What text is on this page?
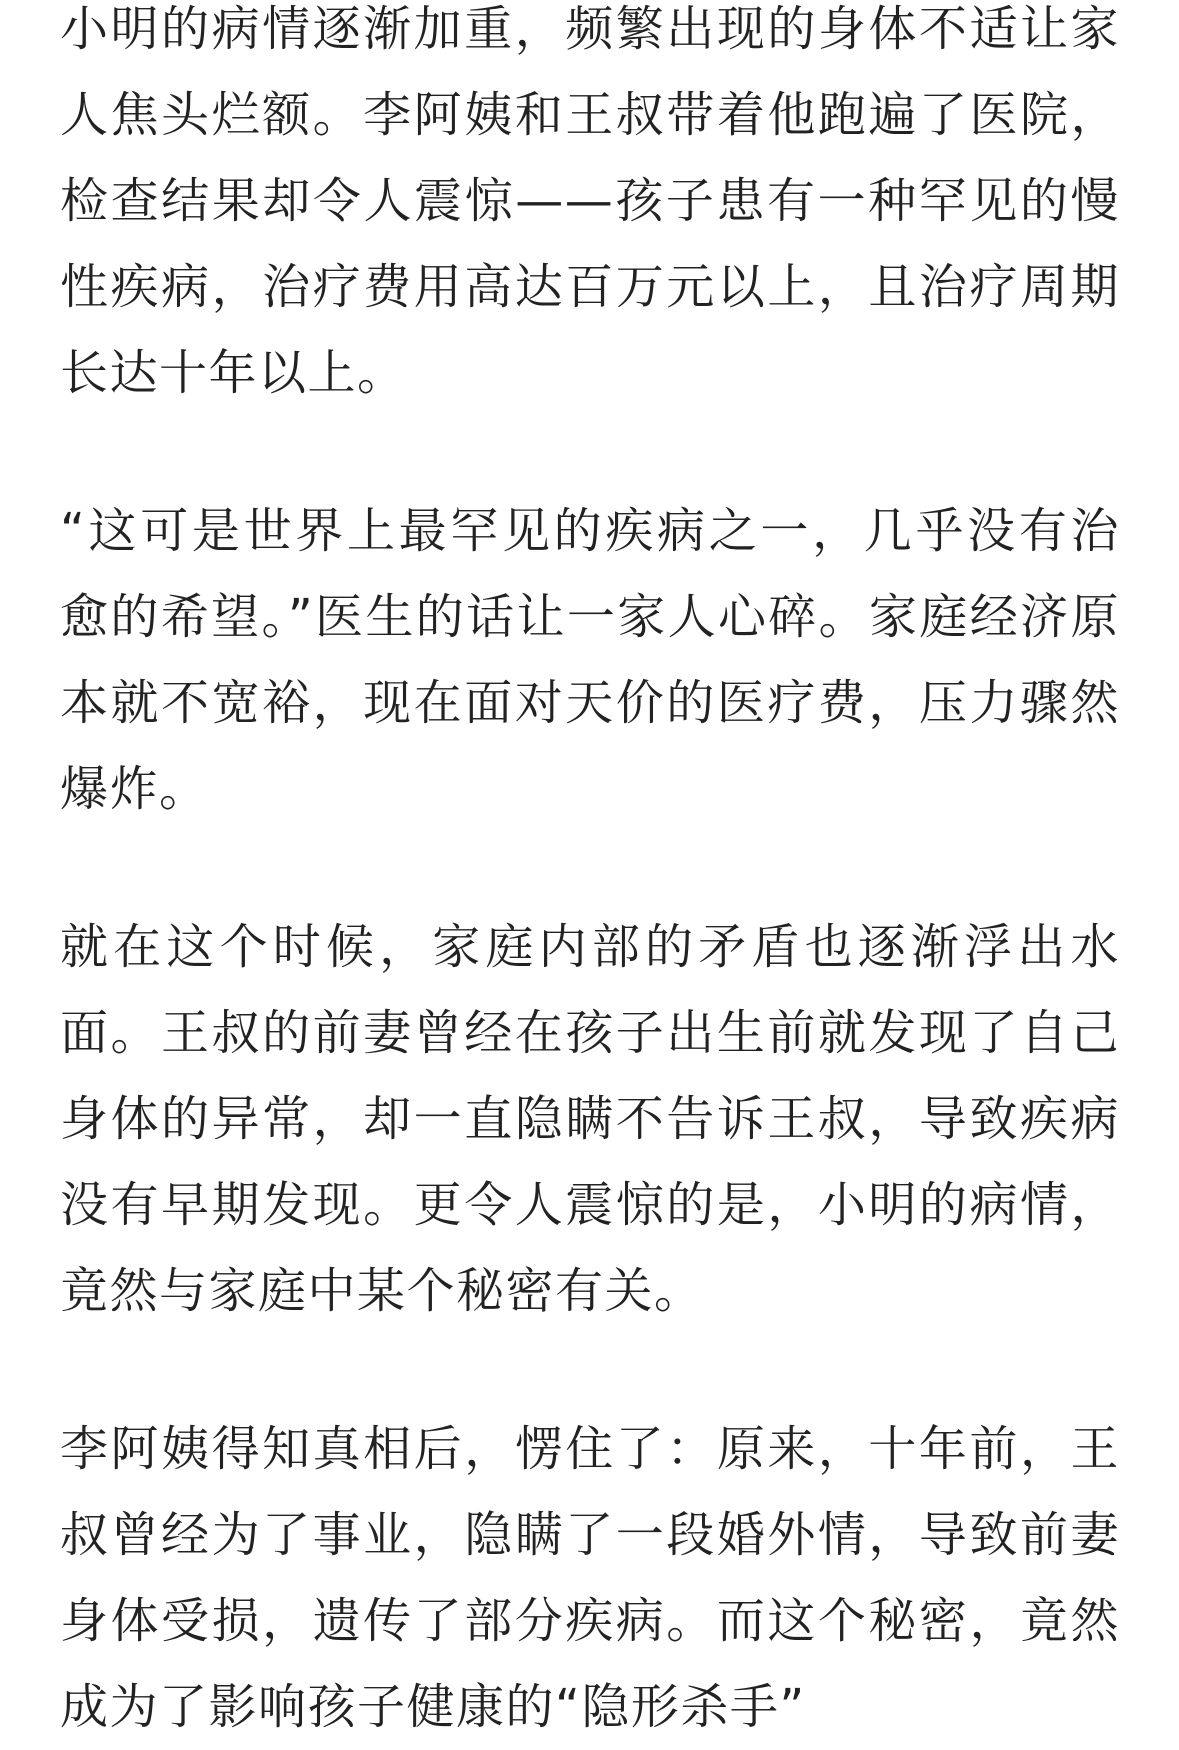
小明的病情逐渐加重，频繁出现的身体不适让家人焦头烂额。李阿姨和王叔带着他跑遍了医院，检查结果却令人震惊——孩子患有一种罕见的慢性疾病，治疗费用高达百万元以上，且治疗周期长达十年以上。

“这可是世界上最罕见的疾病之一，几乎没有治愈的希望。”医生的话让一家人心碎。家庭经济原本就不宽裕，现在面对天价的医疗费，压力骤然爆炸。

就在这个时候，家庭内部的矛盾也逐渐浮出水面。王叔的前妻曾经在孩子出生前就发现了自己身体的异常，却一直隐瞒不告诉王叔，导致疾病没有早期发现。更令人震惊的是，小明的病情，竟然与家庭中某个秘密有关。

李阿姨得知真相后，愣住了：原来，十年前，王叔曾经为了事业，隐瞒了一段婚外情，导致前妻身体受损，遗传了部分疾病。而这个秘密，竟然成为了影响孩子健康的“隐形杀手”
